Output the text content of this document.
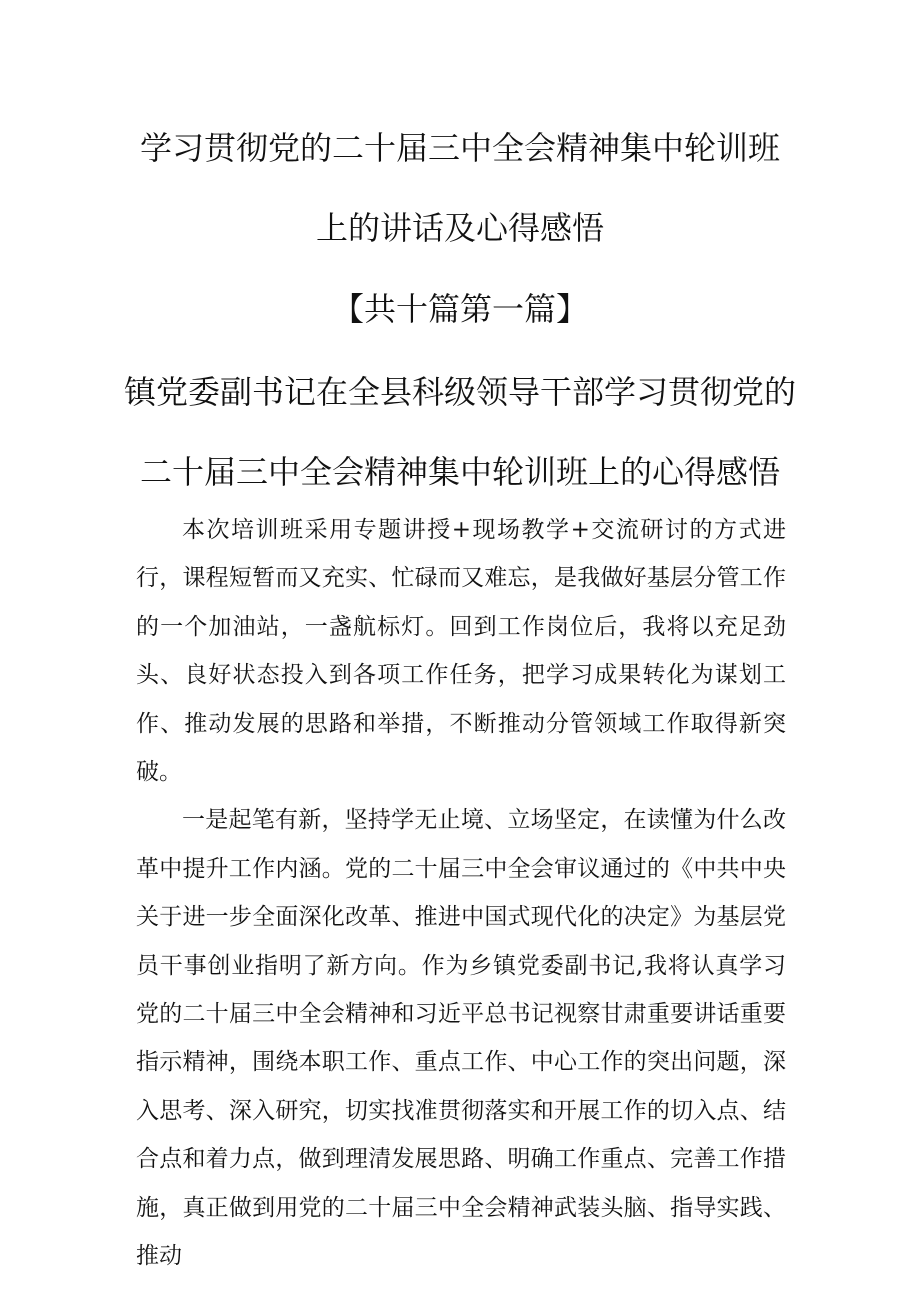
学习贯彻党的二十届三中全会精神集中轮训班
上的讲话及心得感悟
【共十篇第一篇】
镇党委副书记在全县科级领导干部学习贯彻党的
二十届三中全会精神集中轮训班上的心得感悟

本次培训班采用专题讲授+现场教学+交流研讨的方式进行，课程短暂而又充实、忙碌而又难忘，是我做好基层分管工作的一个加油站，一盏航标灯。回到工作岗位后，我将以充足劲头、良好状态投入到各项工作任务，把学习成果转化为谋划工作、推动发展的思路和举措，不断推动分管领域工作取得新突破。

一是起笔有新，坚持学无止境、立场坚定，在读懂为什么改革中提升工作内涵。党的二十届三中全会审议通过的《中共中央关于进一步全面深化改革、推进中国式现代化的决定》为基层党员干事创业指明了新方向。作为乡镇党委副书记,我将认真学习党的二十届三中全会精神和习近平总书记视察甘肃重要讲话重要指示精神，围绕本职工作、重点工作、中心工作的突出问题，深入思考、深入研究，切实找准贯彻落实和开展工作的切入点、结合点和着力点，做到理清发展思路、明确工作重点、完善工作措施，真正做到用党的二十届三中全会精神武装头脑、指导实践、推动
